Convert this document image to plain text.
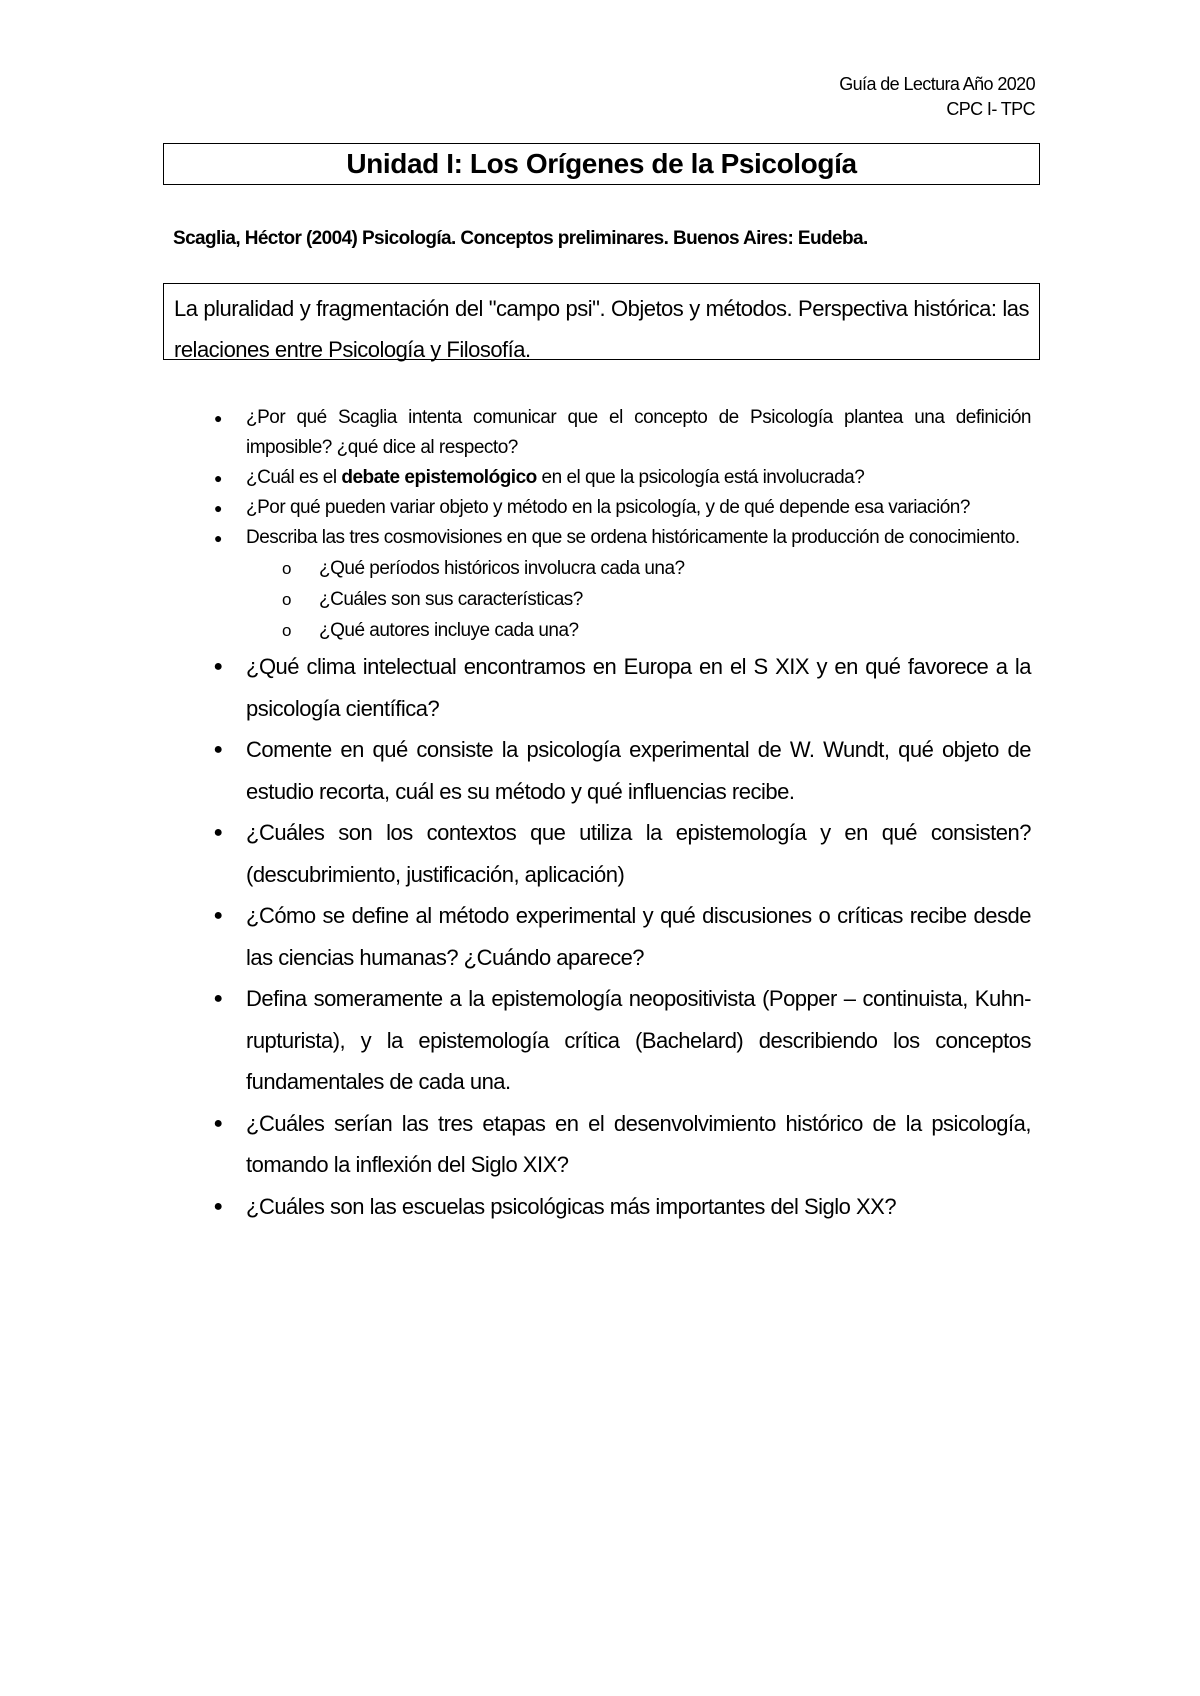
Guía de Lectura Año 2020
CPC I- TPC
Unidad I: Los Orígenes de la Psicología
Scaglia, Héctor (2004) Psicología. Conceptos preliminares. Buenos Aires: Eudeba.
La pluralidad y fragmentación del "campo psi". Objetos y métodos. Perspectiva histórica: las relaciones entre Psicología y Filosofía.
●	¿Por qué Scaglia intenta comunicar que el concepto de Psicología plantea una definición imposible? ¿qué dice al respecto?
●	¿Cuál es el debate epistemológico en el que la psicología está involucrada?
●	¿Por qué pueden variar objeto y método en la psicología, y de qué depende esa variación?
●	Describa las tres cosmovisiones en que se ordena históricamente la producción de conocimiento.
o ¿Qué períodos históricos involucra cada una?
o ¿Cuáles son sus características?
o ¿Qué autores incluye cada una?
● ¿Qué clima intelectual encontramos en Europa en el S XIX y en qué favorece a la psicología científica?
● Comente en qué consiste la psicología experimental de W. Wundt, qué objeto de estudio recorta, cuál es su método y qué influencias recibe.
● ¿Cuáles son los contextos que utiliza la epistemología y en qué consisten? (descubrimiento, justificación, aplicación)
● ¿Cómo se define al método experimental y qué discusiones o críticas recibe desde las ciencias humanas? ¿Cuándo aparece?
● Defina someramente a la epistemología neopositivista (Popper – continuista, Kuhn- rupturista), y la epistemología crítica (Bachelard) describiendo los conceptos fundamentales de cada una.
● ¿Cuáles serían las tres etapas en el desenvolvimiento histórico de la psicología, tomando la inflexión del Siglo XIX?
● ¿Cuáles son las escuelas psicológicas más importantes del Siglo XX?
